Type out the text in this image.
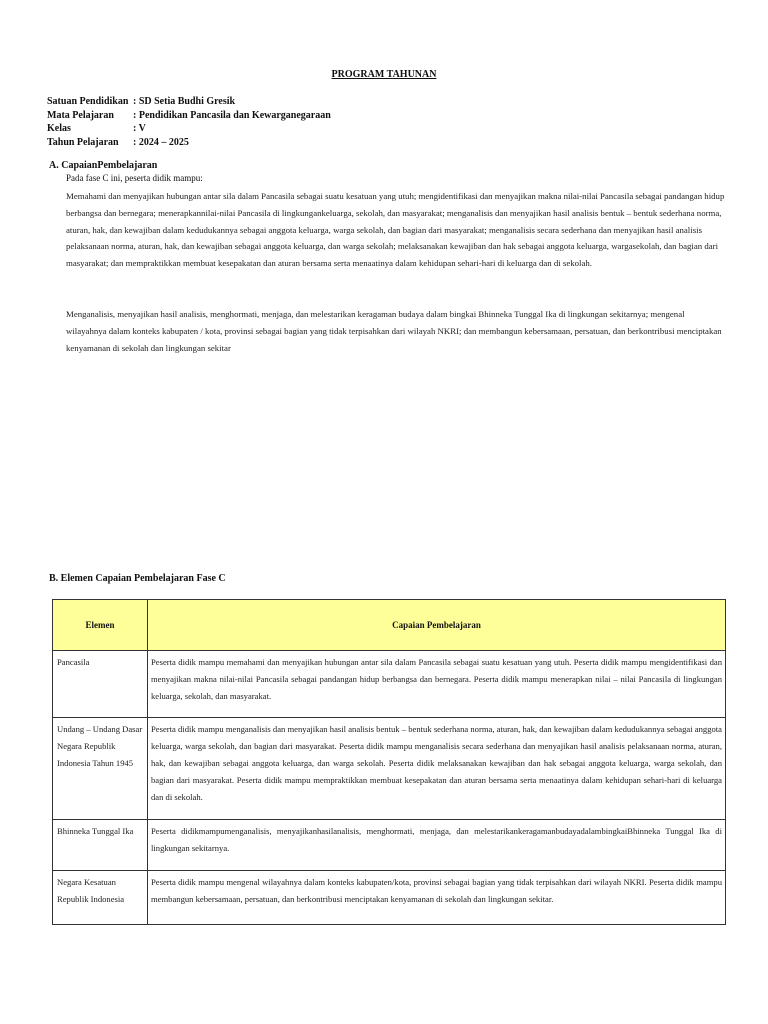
PROGRAM TAHUNAN
Satuan Pendidikan : SD Setia Budhi Gresik
Mata Pelajaran : Pendidikan Pancasila dan Kewarganegaraan
Kelas	: V
Tahun Pelajaran : 2024 – 2025
A. CapaianPembelajaran
Pada fase C ini, peserta didik mampu:
Memahami dan menyajikan hubungan antar sila dalam Pancasila sebagai suatu kesatuan yang utuh; mengidentifikasi dan menyajikan makna nilai-nilai Pancasila sebagai pandangan hidup berbangsa dan bernegara; menerapkannilai-nilai Pancasila di lingkungankeluarga, sekolah, dan masyarakat; menganalisis dan menyajikan hasil analisis bentuk – bentuk sederhana norma, aturan, hak, dan kewajiban dalam kedudukannya sebagai anggota keluarga, warga sekolah, dan bagian dari masyarakat; menganalisis secara sederhana dan menyajikan hasil analisis pelaksanaan norma, aturan, hak, dan kewajiban sebagai anggota keluarga, dan warga sekolah; melaksanakan kewajiban dan hak sebagai anggota keluarga, wargasekolah, dan bagian dari masyarakat; dan mempraktikkan membuat kesepakatan dan aturan bersama serta menaatinya dalam kehidupan sehari-hari di keluarga dan di sekolah.
Menganalisis, menyajikan hasil analisis, menghormati, menjaga, dan melestarikan keragaman budaya dalam bingkai Bhinneka Tunggal Ika di lingkungan sekitarnya; mengenal wilayahnya dalam konteks kabupaten / kota, provinsi sebagai bagian yang tidak terpisahkan dari wilayah NKRI; dan membangun kebersamaan, persatuan, dan berkontribusi menciptakan kenyamanan di sekolah dan lingkungan sekitar
B. Elemen Capaian Pembelajaran Fase C
Elemen	Capaian Pembelajaran
Pancasila	Peserta didik mampu memahami dan menyajikan hubungan antar sila dalam Pancasila sebagai suatu kesatuan yang utuh. Peserta didik mampu mengidentifikasi dan menyajikan makna nilai-nilai Pancasila sebagai pandangan hidup berbangsa dan bernegara. Peserta didik mampu menerapkan nilai – nilai Pancasila di lingkungan keluarga, sekolah, dan masyarakat.
Undang – Undang Dasar Negara Republik Indonesia Tahun 1945	Peserta didik mampu menganalisis dan menyajikan hasil analisis bentuk – bentuk sederhana norma, aturan, hak, dan kewajiban dalam kedudukannya sebagai anggota keluarga, warga sekolah, dan bagian dari masyarakat. Peserta didik mampu menganalisis secara sederhana dan menyajikan hasil analisis pelaksanaan norma, aturan, hak, dan kewajiban sebagai anggota keluarga, dan warga sekolah. Peserta didik melaksanakan kewajiban dan hak sebagai anggota keluarga, warga sekolah, dan bagian dari masyarakat. Peserta didik mampu mempraktikkan membuat kesepakatan dan aturan bersama serta menaatinya dalam kehidupan sehari-hari di keluarga dan di sekolah.
Bhinneka Tunggal Ika	Peserta didikmampumenganalisis, menyajikanhasilanalisis, menghormati, menjaga, dan melestarikankeragamanbudayadalambingkaiBhinneka Tunggal Ika di lingkungan sekitarnya.
Negara Kesatuan Republik Indonesia	Peserta didik mampu mengenal wilayahnya dalam konteks kabupaten/kota, provinsi sebagai bagian yang tidak terpisahkan dari wilayah NKRI. Peserta didik mampu membangun kebersamaan, persatuan, dan berkontribusi menciptakan kenyamanan di sekolah dan lingkungan sekitar.
